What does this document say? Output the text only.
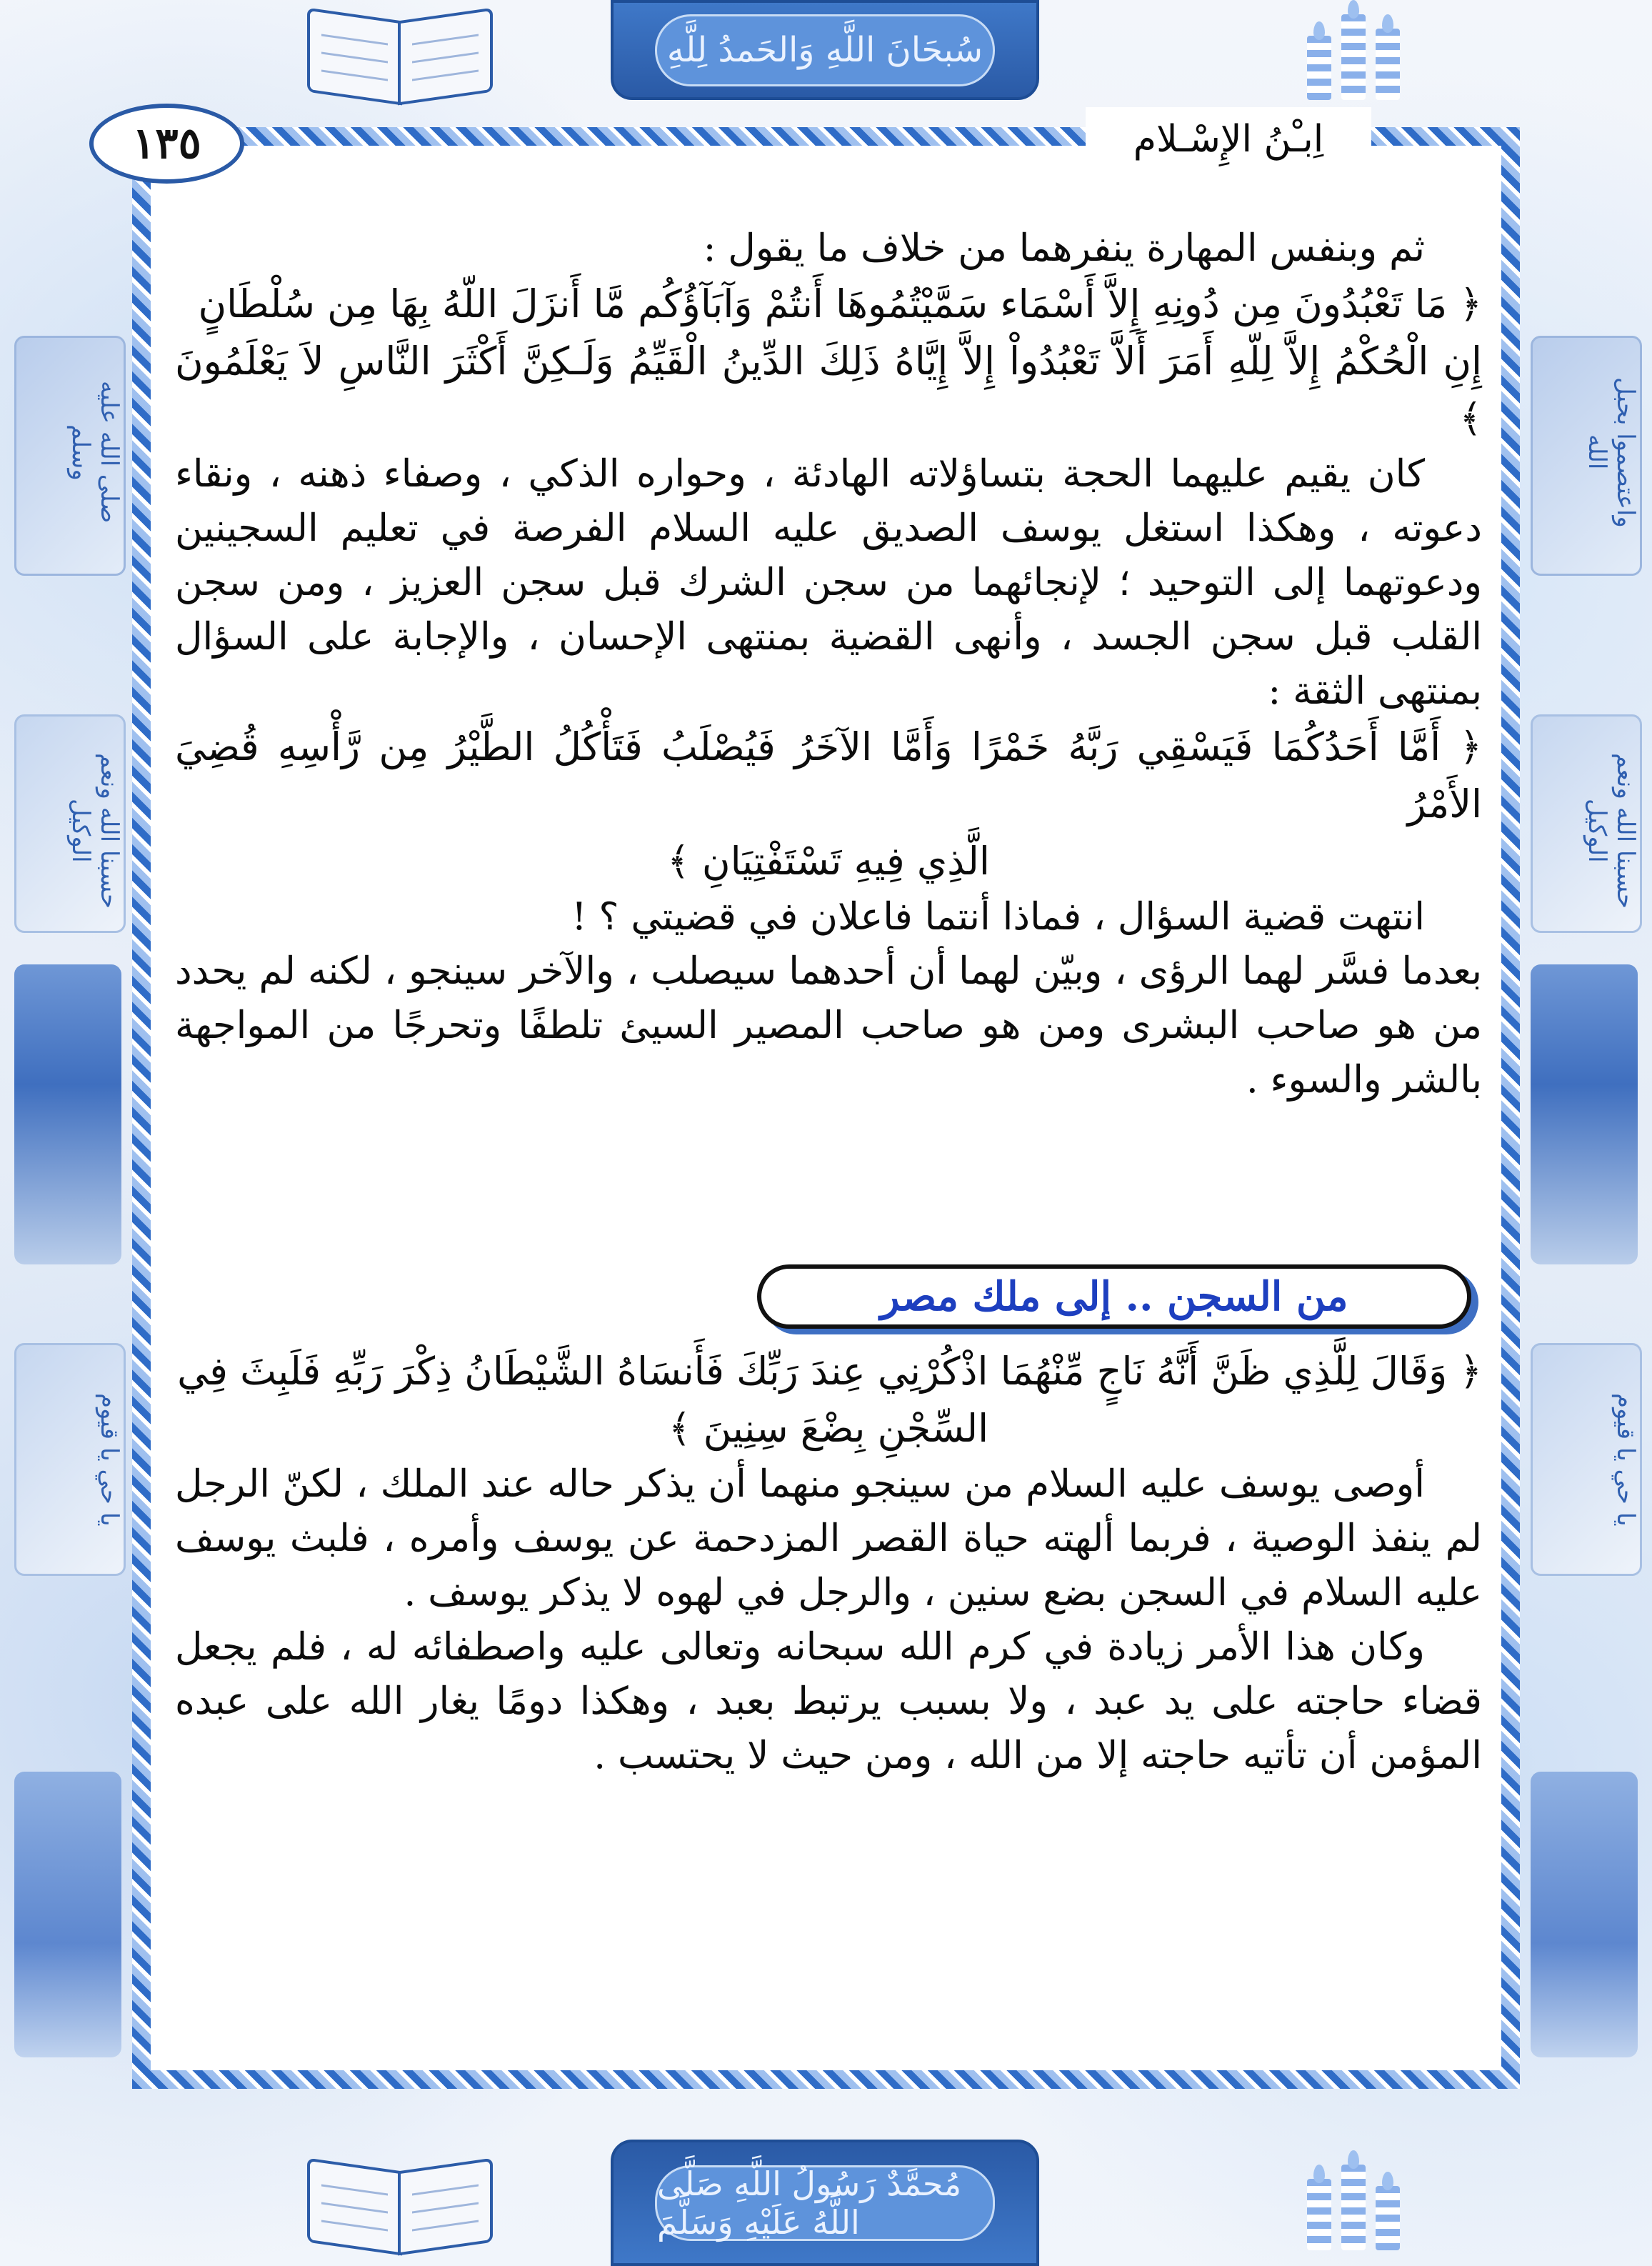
صلى الله عليه وسلم
حسبنا الله ونعم الوكيل
يا حي يا قيوم
واعتصموا بحبل الله
حسبنا الله ونعم الوكيل
يا حي يا قيوم
سُبحَانَ اللَّهِ وَالحَمدُ لِلَّهِ
مُحمَّدٌ رَسُولُ اللَّهِ صَلَّى اللَّهُ عَلَيْهِ وَسَلَّمَ
١٣٥	اِبـْنُ الإِسْـلام

ثم وبنفس المهارة ينفرهما من خلاف ما يقول :

﴿ مَا تَعْبُدُونَ مِن دُونِهِ إِلاَّ أَسْمَاء سَمَّيْتُمُوهَا أَنتُمْ وَآبَآؤُكُم مَّا أَنزَلَ اللّهُ بِهَا مِن سُلْطَانٍ

إِنِ الْحُكْمُ إِلاَّ لِلّهِ أَمَرَ أَلاَّ تَعْبُدُواْ إِلاَّ إِيَّاهُ ذَلِكَ الدِّينُ الْقَيِّمُ وَلَـكِنَّ أَكْثَرَ النَّاسِ لاَ يَعْلَمُونَ ﴾

كان يقيم عليهما الحجة بتساؤلاته الهادئة ، وحواره الذكي ، وصفاء ذهنه ، ونقاء دعوته ، وهكذا استغل يوسف الصديق عليه السلام الفرصة في تعليم السجينين ودعوتهما إلى التوحيد ؛ لإنجائهما من سجن الشرك قبل سجن العزيز ، ومن سجن القلب قبل سجن الجسد ، وأنهى القضية بمنتهى الإحسان ، والإجابة على السؤال بمنتهى الثقة :

﴿ أَمَّا أَحَدُكُمَا فَيَسْقِي رَبَّهُ خَمْرًا وَأَمَّا الآخَرُ فَيُصْلَبُ فَتَأْكُلُ الطَّيْرُ مِن رَّأْسِهِ قُضِيَ الأَمْرُ

الَّذِي فِيهِ تَسْتَفْتِيَانِ ﴾

انتهت قضية السؤال ، فماذا أنتما فاعلان في قضيتي ؟ !

بعدما فسَّر لهما الرؤى ، وبيّن لهما أن أحدهما سيصلب ، والآخر سينجو ، لكنه لم يحدد من هو صاحب البشرى ومن هو صاحب المصير السيئ تلطفًا وتحرجًا من المواجهة بالشر والسوء .

من السجن .. إلى ملك مصر

﴿ وَقَالَ لِلَّذِي ظَنَّ أَنَّهُ نَاجٍ مِّنْهُمَا اذْكُرْنِي عِندَ رَبِّكَ فَأَنسَاهُ الشَّيْطَانُ ذِكْرَ رَبِّهِ فَلَبِثَ فِي

السِّجْنِ بِضْعَ سِنِينَ ﴾

أوصى يوسف عليه السلام من سينجو منهما أن يذكر حاله عند الملك ، لكنّ الرجل لم ينفذ الوصية ، فربما ألهته حياة القصر المزدحمة عن يوسف وأمره ، فلبث يوسف عليه السلام في السجن بضع سنين ، والرجل في لهوه لا يذكر يوسف .

وكان هذا الأمر زيادة في كرم الله سبحانه وتعالى عليه واصطفائه له ، فلم يجعل قضاء حاجته على يد عبد ، ولا بسبب يرتبط بعبد ، وهكذا دومًا يغار الله على عبده المؤمن أن تأتيه حاجته إلا من الله ، ومن حيث لا يحتسب .
